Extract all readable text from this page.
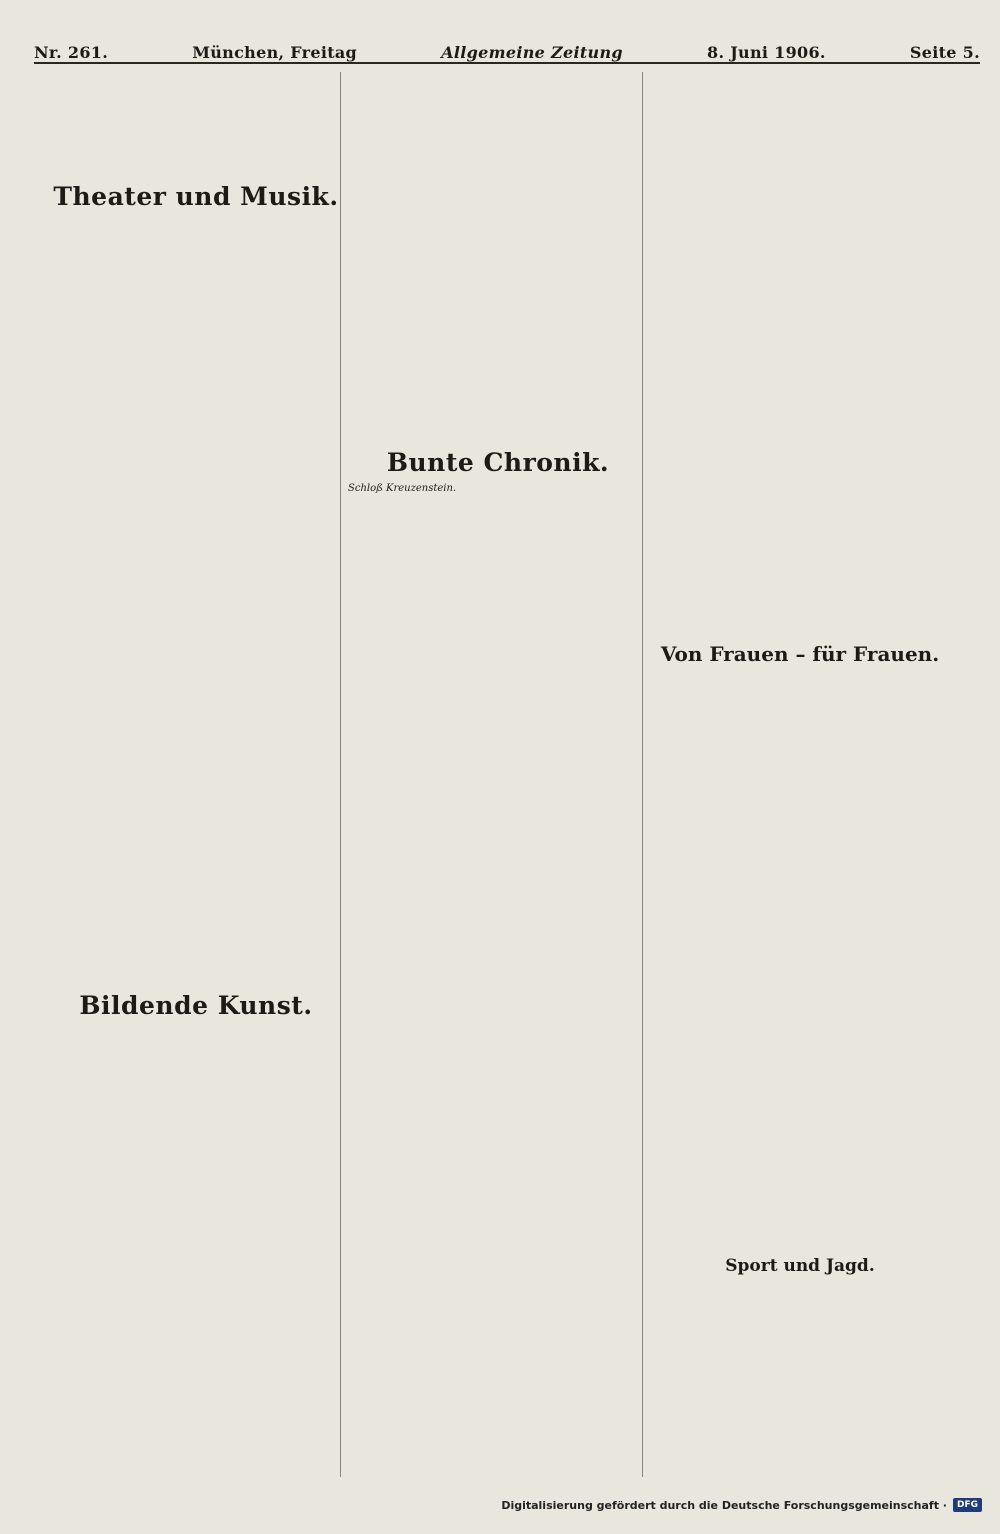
Nr. 261.	München, Freitag	Allgemeine Zeitung	8. Juni 1906.	Seite 5.
Theater und Musik.
Bildende Kunst.
Bunte Chronik.
Schloß Kreuzenstein.
Von Frauen – für Frauen.
Sport und Jagd.
Digitalisierung gefördert durch die Deutsche Forschungsgemeinschaft ·	DFG
